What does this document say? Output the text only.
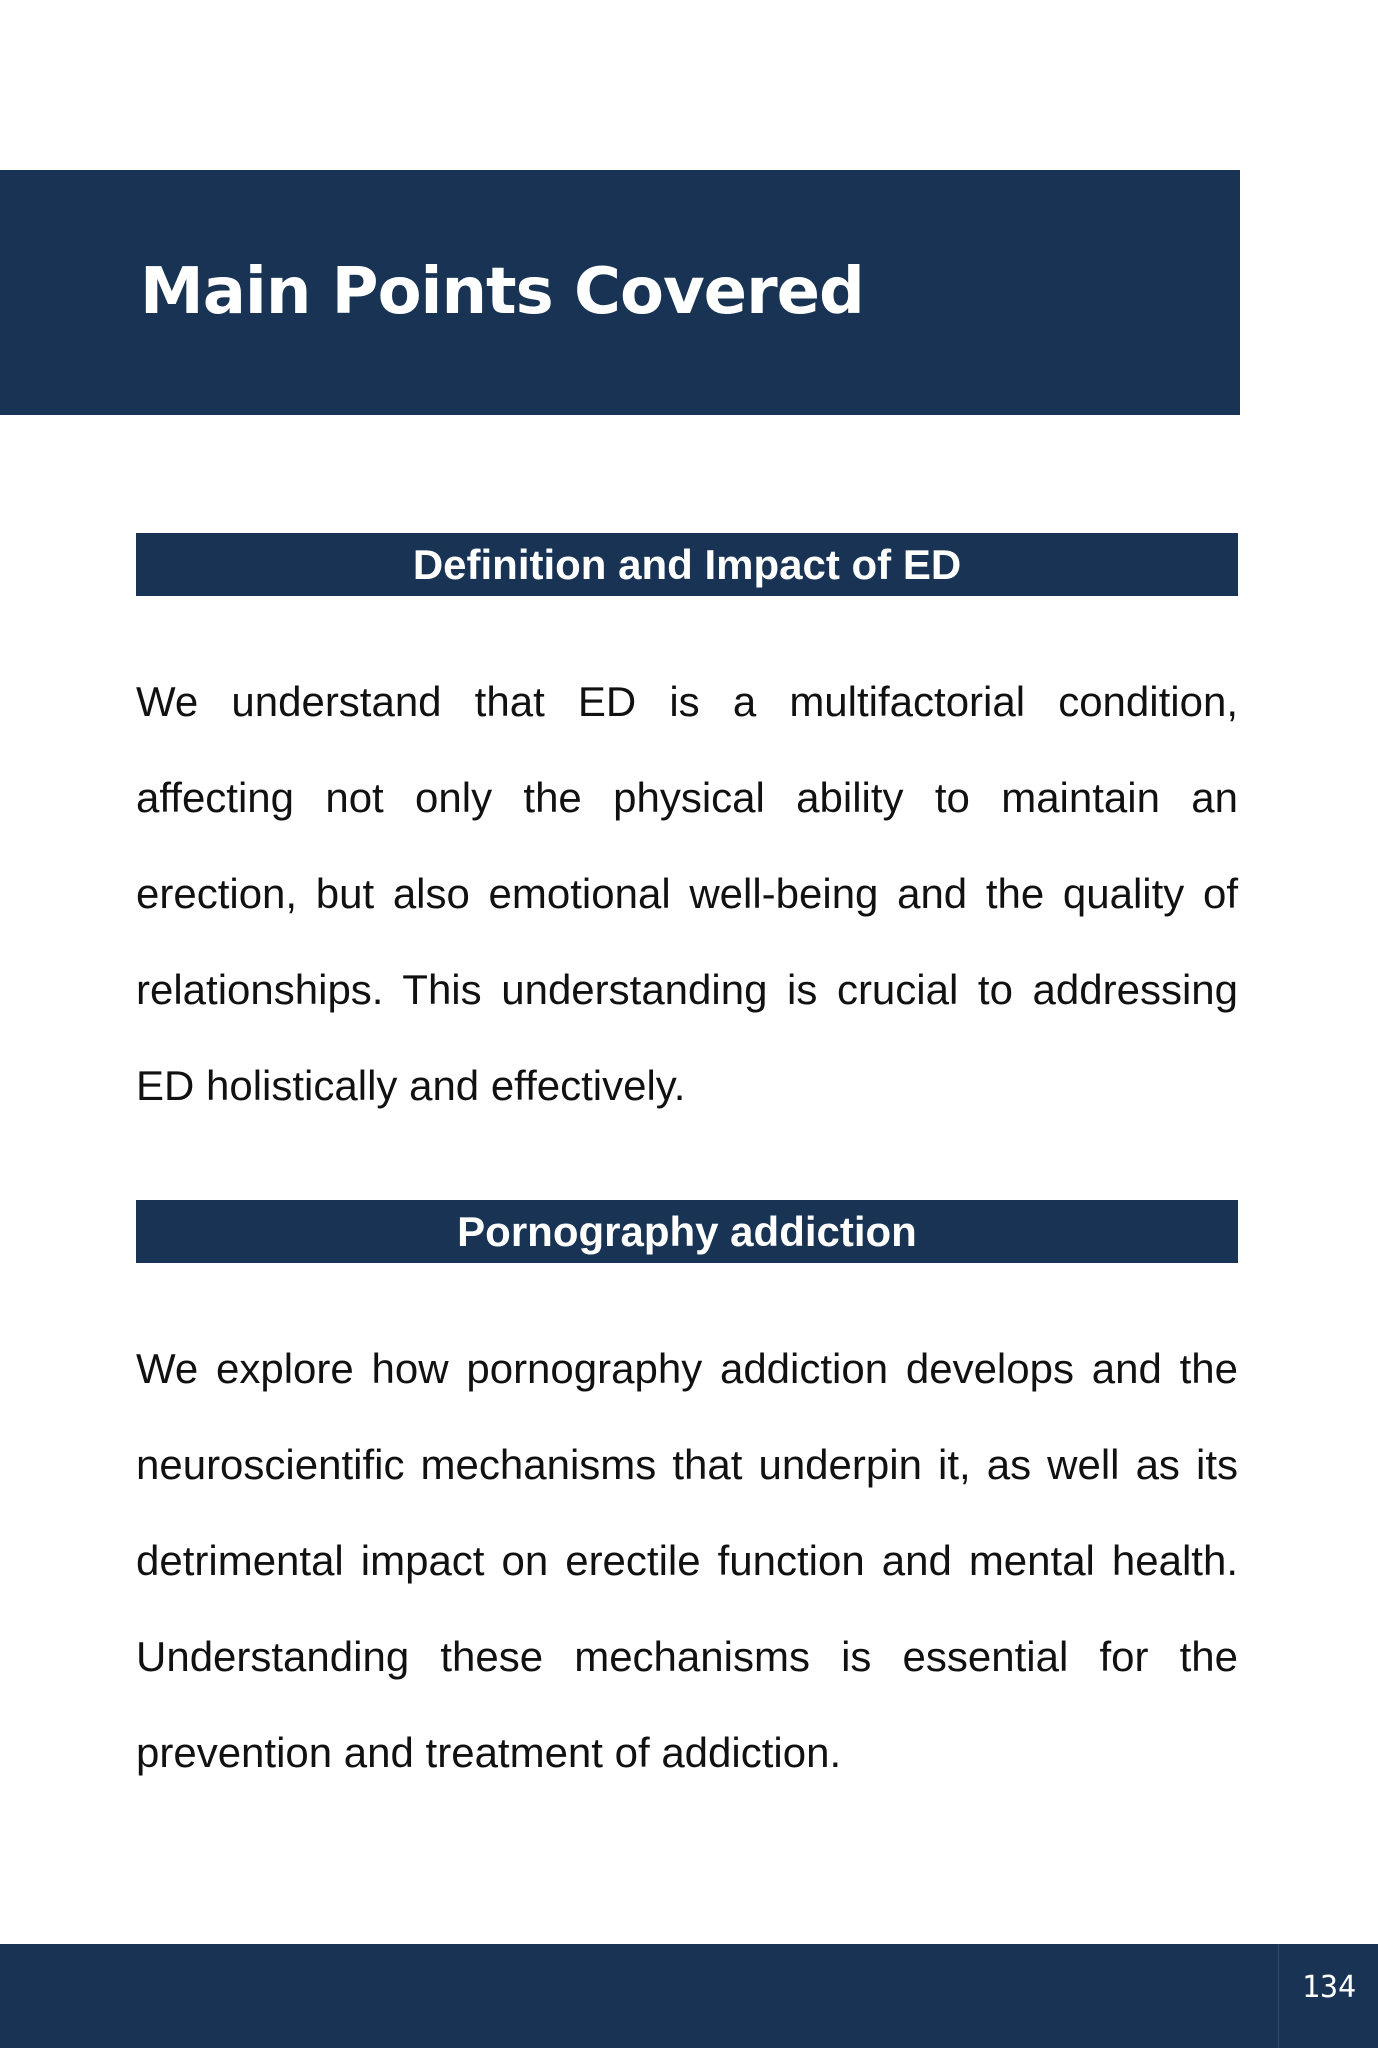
Main Points Covered
Definition and Impact of ED

We understand that ED is a multifactorial condition, affecting not only the physical ability to maintain an erection, but also emotional well-being and the quality of relationships. This understanding is crucial to addressing ED holistically and effectively.

Pornography addiction

We explore how pornography addiction develops and the neuroscientific mechanisms that underpin it, as well as its detrimental impact on erectile function and mental health. Understanding these mechanisms is essential for the prevention and treatment of addiction.

134
